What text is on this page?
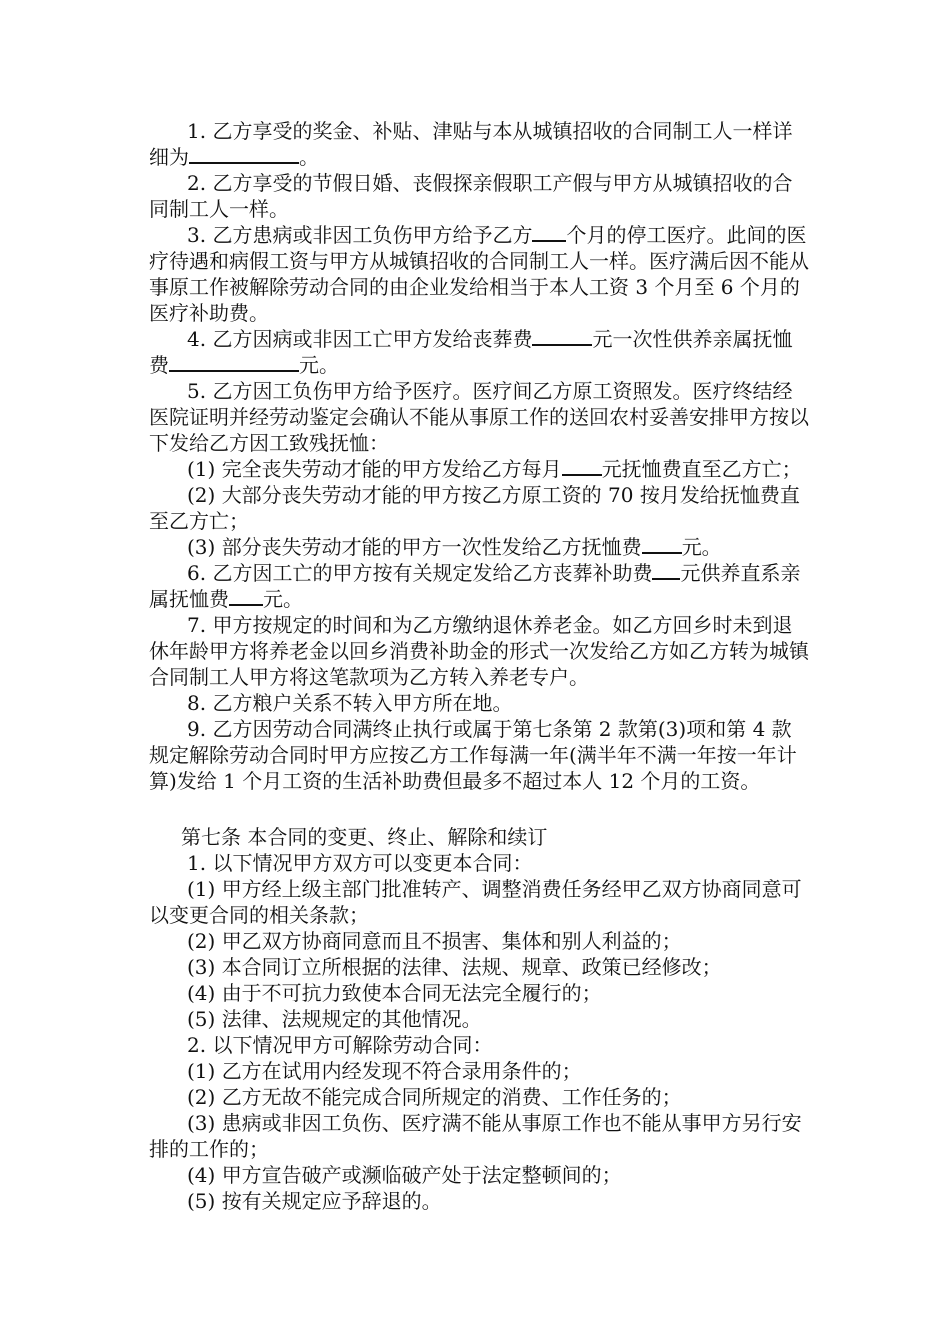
1. 乙方享受的奖金、补贴、津贴与本从城镇招收的合同制工人一样详细为	。

2. 乙方享受的节假日婚、丧假探亲假职工产假与甲方从城镇招收的合同制工人一样。

3. 乙方患病或非因工负伤甲方给予乙方 个月的停工医疗。此间的医疗待遇和病假工资与甲方从城镇招收的合同制工人一样。医疗满后因不能从事原工作被解除劳动合同的由企业发给相当于本人工资 3 个月至 6 个月的医疗补助费。

4. 乙方因病或非因工亡甲方发给丧葬费	元一次性供养亲属抚恤费	元。

5. 乙方因工负伤甲方给予医疗。医疗间乙方原工资照发。医疗终结经医院证明并经劳动鉴定会确认不能从事原工作的送回农村妥善安排甲方按以下发给乙方因工致残抚恤：

(1) 完全丧失劳动才能的甲方发给乙方每月 元抚恤费直至乙方亡；

(2) 大部分丧失劳动才能的甲方按乙方原工资的 70 按月发给抚恤费直至乙方亡；

(3) 部分丧失劳动才能的甲方一次性发给乙方抚恤费 元。

6. 乙方因工亡的甲方按有关规定发给乙方丧葬补助费 元供养直系亲属抚恤费 元。

7. 甲方按规定的时间和为乙方缴纳退休养老金。如乙方回乡时未到退休年龄甲方将养老金以回乡消费补助金的形式一次发给乙方如乙方转为城镇合同制工人甲方将这笔款项为乙方转入养老专户。

8. 乙方粮户关系不转入甲方所在地。

9. 乙方因劳动合同满终止执行或属于第七条第 2 款第(3)项和第 4 款规定解除劳动合同时甲方应按乙方工作每满一年(满半年不满一年按一年计算)发给 1 个月工资的生活补助费但最多不超过本人 12 个月的工资。

第七条 本合同的变更、终止、解除和续订

1. 以下情况甲方双方可以变更本合同：

(1) 甲方经上级主部门批准转产、调整消费任务经甲乙双方协商同意可以变更合同的相关条款；

(2) 甲乙双方协商同意而且不损害、集体和别人利益的；

(3) 本合同订立所根据的法律、法规、规章、政策已经修改；

(4) 由于不可抗力致使本合同无法完全履行的；

(5) 法律、法规规定的其他情况。

2. 以下情况甲方可解除劳动合同：

(1) 乙方在试用内经发现不符合录用条件的；

(2) 乙方无故不能完成合同所规定的消费、工作任务的；

(3) 患病或非因工负伤、医疗满不能从事原工作也不能从事甲方另行安排的工作的；

(4) 甲方宣告破产或濒临破产处于法定整顿间的；

(5) 按有关规定应予辞退的。
